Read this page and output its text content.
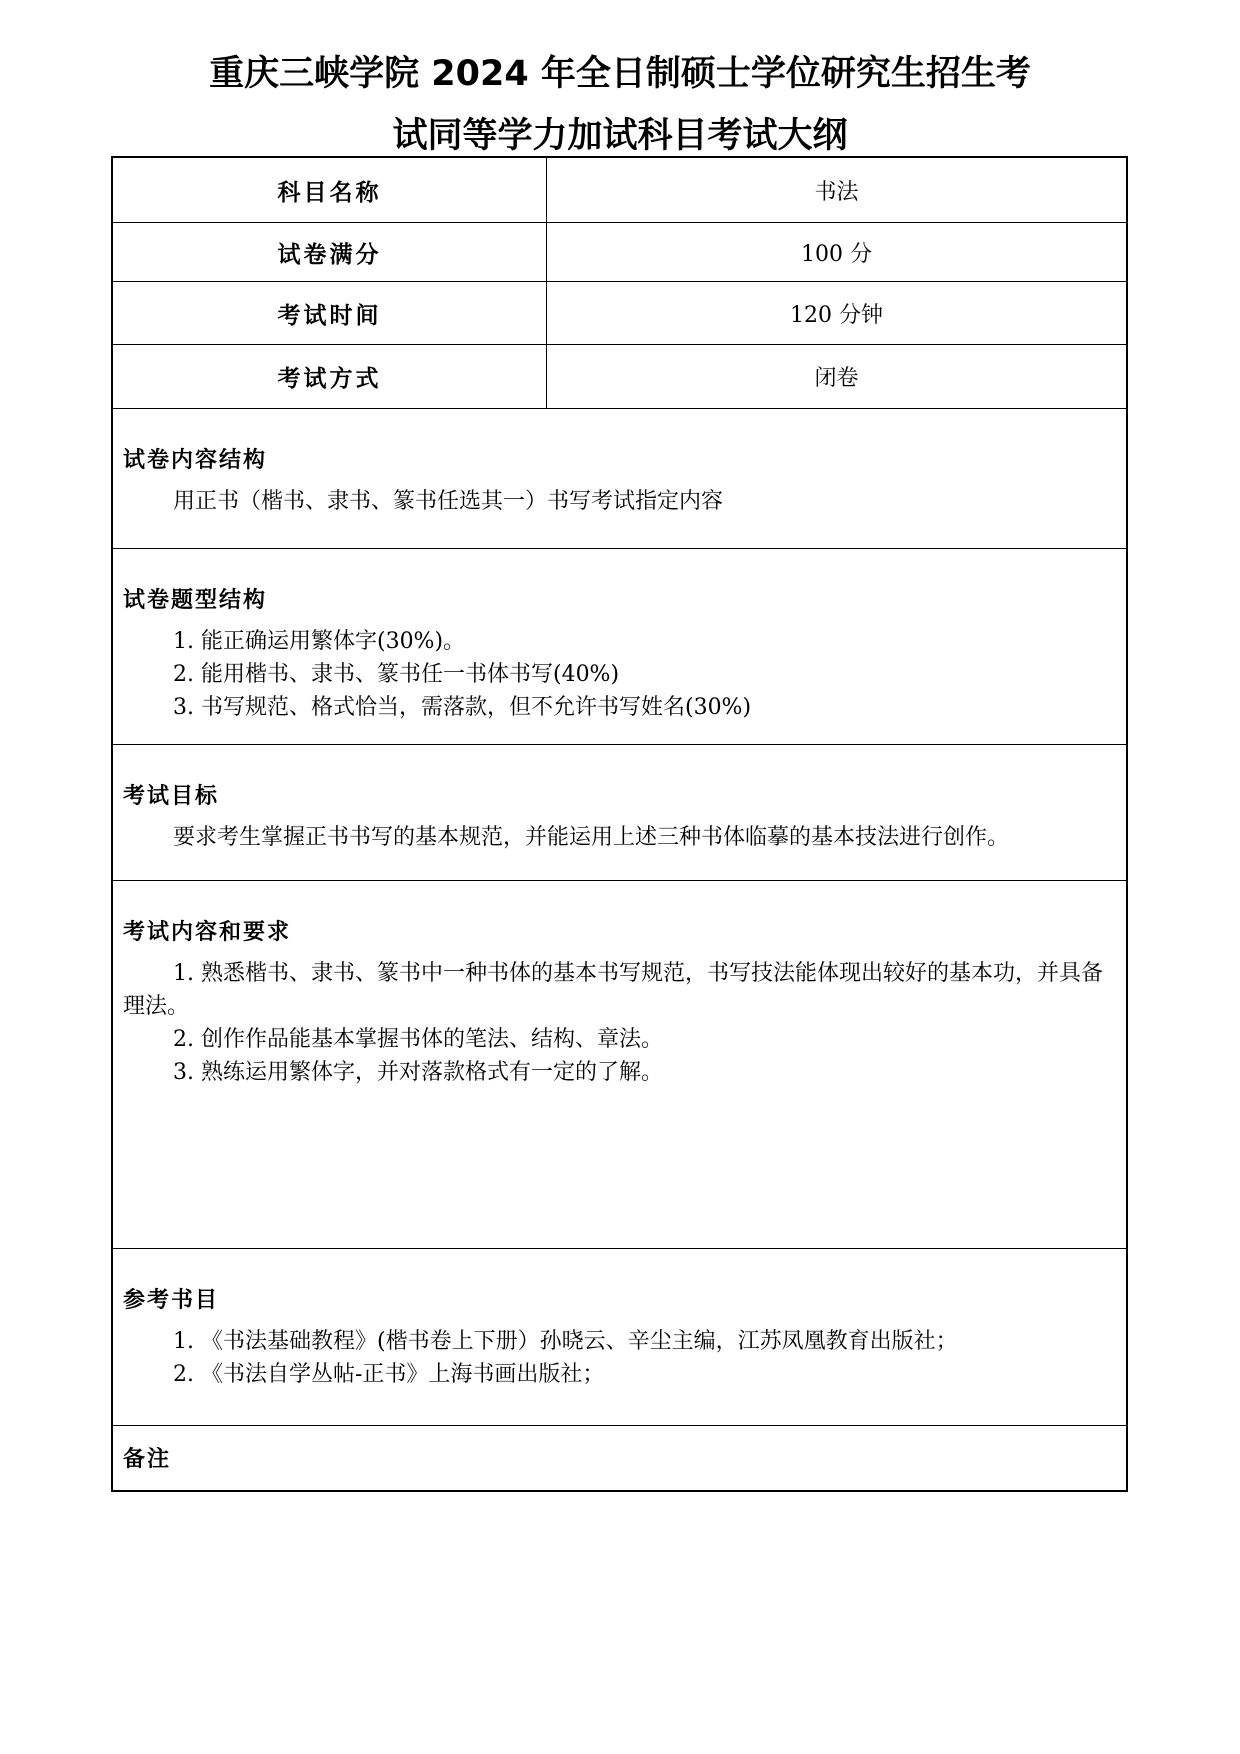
重庆三峡学院 2024 年全日制硕士学位研究生招生考
试同等学力加试科目考试大纲
科目名称	书法
试卷满分	100 分
考试时间	120 分钟
考试方式	闭卷
试卷内容结构
用正书（楷书、隶书、篆书任选其一）书写考试指定内容
试卷题型结构
1. 能正确运用繁体字(30%)。
2. 能用楷书、隶书、篆书任一书体书写(40%)
3. 书写规范、格式恰当，需落款，但不允许书写姓名(30%)
考试目标
要求考生掌握正书书写的基本规范，并能运用上述三种书体临摹的基本技法进行创作。
考试内容和要求
1. 熟悉楷书、隶书、篆书中一种书体的基本书写规范，书写技法能体现出较好的基本功，并具备理法。
2. 创作作品能基本掌握书体的笔法、结构、章法。
3. 熟练运用繁体字，并对落款格式有一定的了解。
参考书目
1. 《书法基础教程》(楷书卷上下册）孙晓云、辛尘主编，江苏凤凰教育出版社；
2. 《书法自学丛帖-正书》上海书画出版社；
备注
